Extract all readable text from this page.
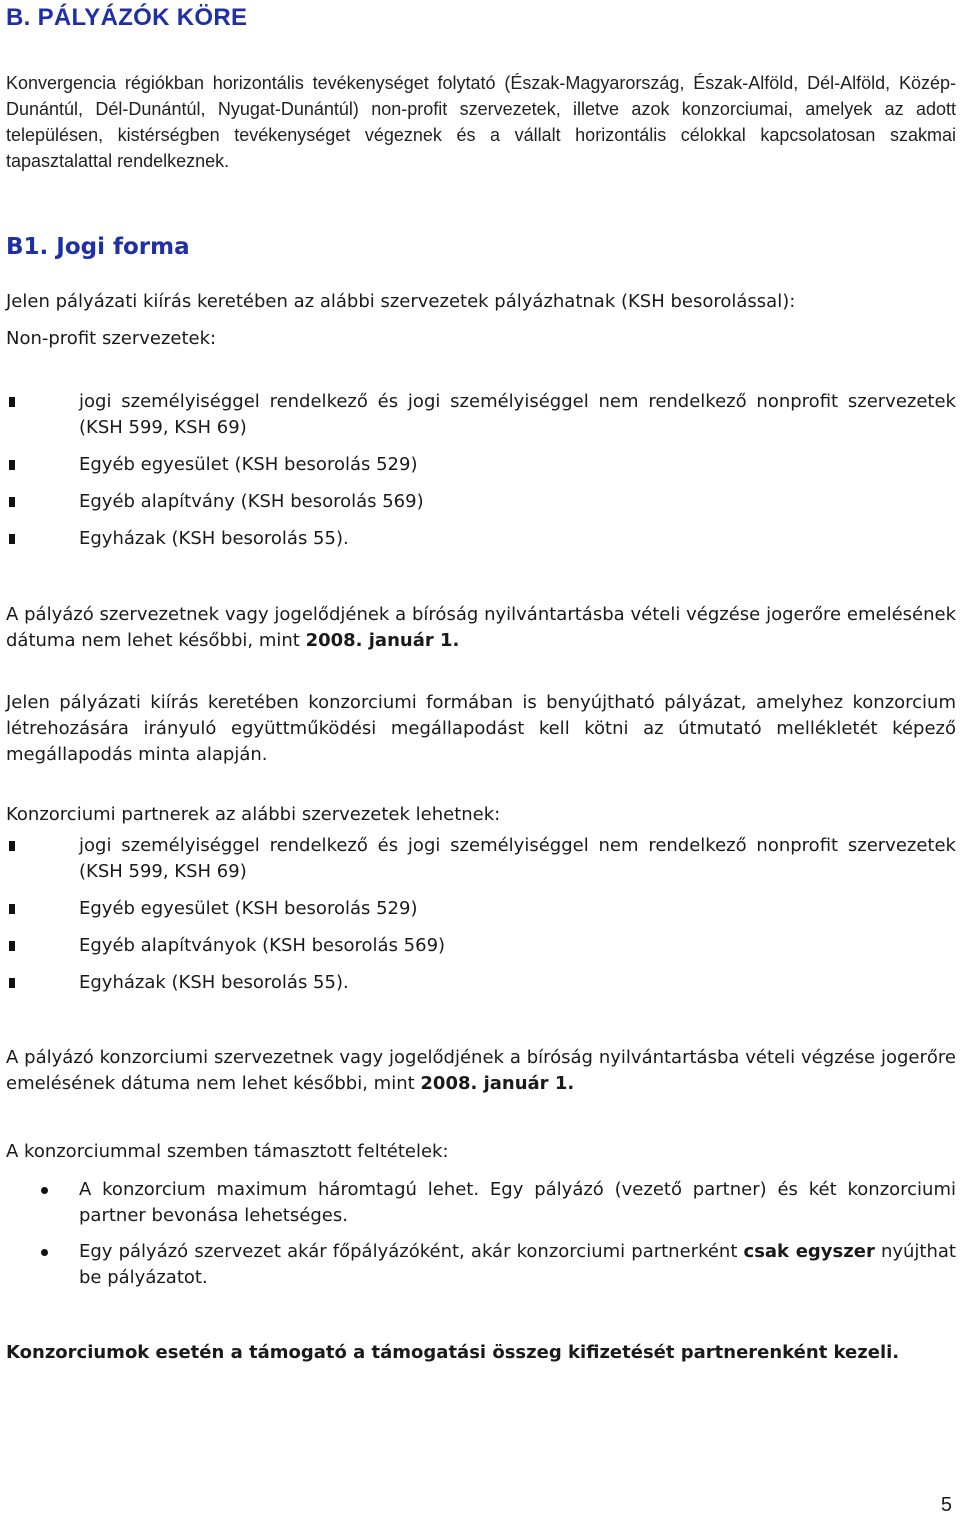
B. PÁLYÁZÓK KÖRE

Konvergencia régiókban horizontális tevékenységet folytató (Észak-Magyarország, Észak-Alföld, Dél-Alföld, Közép-Dunántúl, Dél-Dunántúl, Nyugat-Dunántúl) non-profit szervezetek, illetve azok konzorciumai, amelyek az adott településen, kistérségben tevékenységet végeznek és a vállalt horizontális célokkal kapcsolatosan szakmai tapasztalattal rendelkeznek.

B1. Jogi forma

Jelen pályázati kiírás keretében az alábbi szervezetek pályázhatnak (KSH besorolással):

Non-profit szervezetek:

jogi személyiséggel rendelkező és jogi személyiséggel nem rendelkező nonprofit szervezetek (KSH 599, KSH 69)
Egyéb egyesület (KSH besorolás 529)
Egyéb alapítvány (KSH besorolás 569)
Egyházak (KSH besorolás 55).

A pályázó szervezetnek vagy jogelődjének a bíróság nyilvántartásba vételi végzése jogerőre emelésének dátuma nem lehet későbbi, mint 2008. január 1.

Jelen pályázati kiírás keretében konzorciumi formában is benyújtható pályázat, amelyhez konzorcium létrehozására irányuló együttműködési megállapodást kell kötni az útmutató mellékletét képező megállapodás minta alapján.

Konzorciumi partnerek az alábbi szervezetek lehetnek:

jogi személyiséggel rendelkező és jogi személyiséggel nem rendelkező nonprofit szervezetek (KSH 599, KSH 69)
Egyéb egyesület (KSH besorolás 529)
Egyéb alapítványok (KSH besorolás 569)
Egyházak (KSH besorolás 55).

A pályázó konzorciumi szervezetnek vagy jogelődjének a bíróság nyilvántartásba vételi végzése jogerőre emelésének dátuma nem lehet későbbi, mint 2008. január 1.

A konzorciummal szemben támasztott feltételek:

A konzorcium maximum háromtagú lehet. Egy pályázó (vezető partner) és két konzorciumi partner bevonása lehetséges.
Egy pályázó szervezet akár főpályázóként, akár konzorciumi partnerként csak egyszer nyújthat be pályázatot.

Konzorciumok esetén a támogató a támogatási összeg kifizetését partnerenként kezeli.

5
